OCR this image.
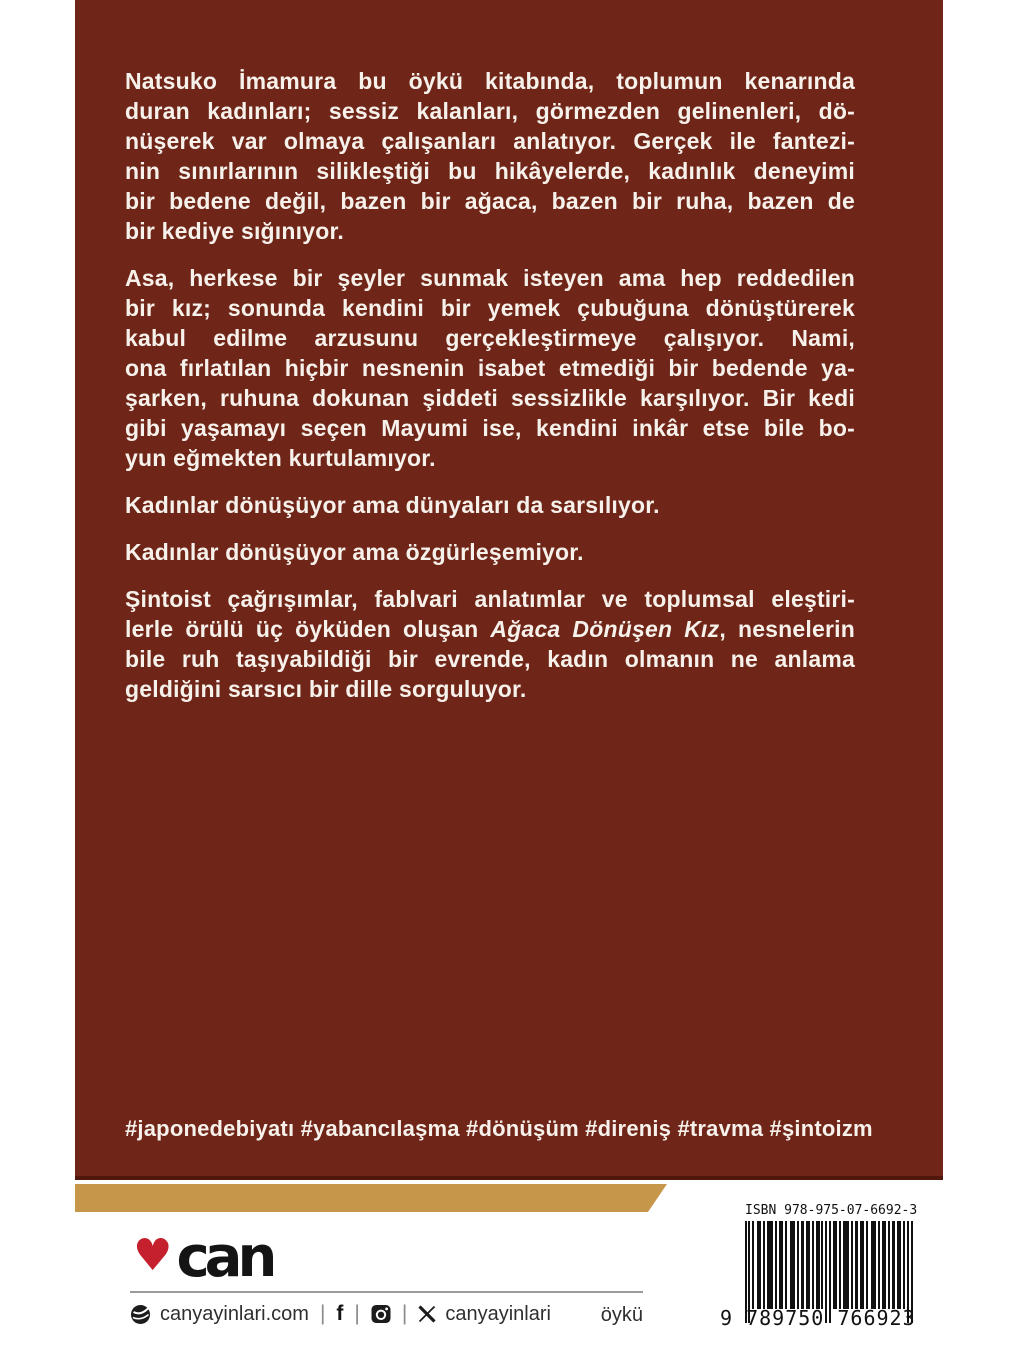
Natsuko İmamura bu öykü kitabında, toplumun kenarında
duran kadınları; sessiz kalanları, görmezden gelinenleri, dö-
nüşerek var olmaya çalışanları anlatıyor. Gerçek ile fantezi-
nin sınırlarının silikleştiği bu hikâyelerde, kadınlık deneyimi
bir bedene değil, bazen bir ağaca, bazen bir ruha, bazen de
bir kediye sığınıyor.
Asa, herkese bir şeyler sunmak isteyen ama hep reddedilen
bir kız; sonunda kendini bir yemek çubuğuna dönüştürerek
kabul edilme arzusunu gerçekleştirmeye çalışıyor. Nami,
ona fırlatılan hiçbir nesnenin isabet etmediği bir bedende ya-
şarken, ruhuna dokunan şiddeti sessizlikle karşılıyor. Bir kedi
gibi yaşamayı seçen Mayumi ise, kendini inkâr etse bile bo-
yun eğmekten kurtulamıyor.
Kadınlar dönüşüyor ama dünyaları da sarsılıyor.
Kadınlar dönüşüyor ama özgürleşemiyor.
Şintoist çağrışımlar, fablvari anlatımlar ve toplumsal eleştiri-
lerle örülü üç öyküden oluşan Ağaca Dönüşen Kız, nesnelerin
bile ruh taşıyabildiği bir evrende, kadın olmanın ne anlama
geldiğini sarsıcı bir dille sorguluyor.
#japonedebiyatı #yabancılaşma #dönüşüm #direniş #travma #şintoizm
♥ can
canyayinlari.com | f | | canyayinlari	öykü
ISBN 978-975-07-6692-3
9 789750 766923
